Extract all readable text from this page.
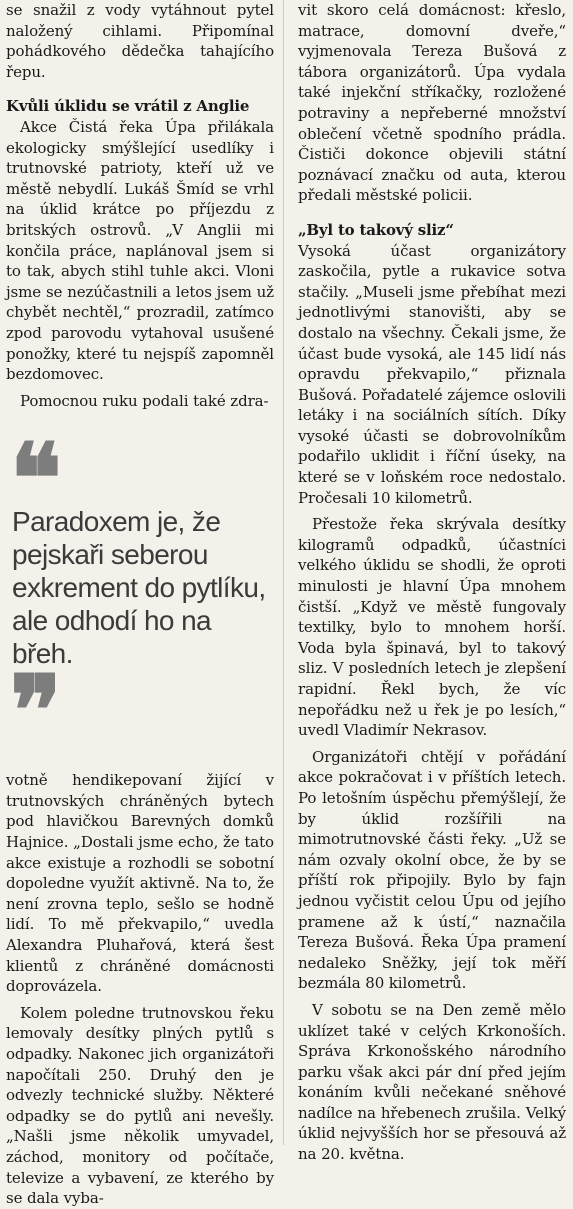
se snažil z vody vytáhnout pytel naložený cihlami. Připomínal pohádkového dědečka tahajícího řepu.

Kvůli úklidu se vrátil z Anglie

Akce Čistá řeka Úpa přilákala ekologicky smýšlející usedlíky i trutnovské patrioty, kteří už ve městě nebydlí. Lukáš Šmíd se vrhl na úklid krátce po příjezdu z britských ostrovů. „V Anglii mi končila práce, naplánoval jsem si to tak, abych stihl tuhle akci. Vloni jsme se nezúčastnili a letos jsem už chybět nechtěl,“ prozradil, zatímco zpod parovodu vytahoval usušené ponožky, které tu nejspíš zapomněl bezdomovec.

Pomocnou ruku podali také zdra-

❝
Paradoxem je, že pejskaři seberou exkrement do pytlíku, ale odhodí ho na břeh.
❞

votně hendikepovaní žijící v trutnovských chráněných bytech pod hlavičkou Barevných domků Hajnice. „Dostali jsme echo, že tato akce existuje a rozhodli se sobotní dopoledne využít aktivně. Na to, že není zrovna teplo, sešlo se hodně lidí. To mě překvapilo,“ uvedla Alexandra Pluhařová, která šest klientů z chráněné domácnosti doprovázela.

Kolem poledne trutnovskou řeku lemovaly desítky plných pytlů s odpadky. Nakonec jich organizátoři napočítali 250. Druhý den je odvezly technické služby. Některé odpadky se do pytlů ani nevešly. „Našli jsme několik umyvadel, záchod, monitory od počítače, televize a vybavení, ze kterého by se dala vyba-

vit skoro celá domácnost: křeslo, matrace, domovní dveře,“ vyjmenovala Tereza Bušová z tábora organizátorů. Úpa vydala také injekční stříkačky, rozložené potraviny a nepřeberné množství oblečení včetně spodního prádla. Čističi dokonce objevili státní poznávací značku od auta, kterou předali městské policii.

„Byl to takový sliz“

Vysoká účast organizátory zaskočila, pytle a rukavice sotva stačily. „Museli jsme přebíhat mezi jednotlivými stanovišti, aby se dostalo na všechny. Čekali jsme, že účast bude vysoká, ale 145 lidí nás opravdu překvapilo,“ přiznala Bušová. Pořadatelé zájemce oslovili letáky i na sociálních sítích. Díky vysoké účasti se dobrovolníkům podařilo uklidit i říční úseky, na které se v loňském roce nedostalo. Pročesali 10 kilometrů.

Přestože řeka skrývala desítky kilogramů odpadků, účastníci velkého úklidu se shodli, že oproti minulosti je hlavní Úpa mnohem čistší. „Když ve městě fungovaly textilky, bylo to mnohem horší. Voda byla špinavá, byl to takový sliz. V posledních letech je zlepšení rapidní. Řekl bych, že víc nepořádku než u řek je po lesích,“ uvedl Vladimír Nekrasov.

Organizátoři chtějí v pořádání akce pokračovat i v příštích letech. Po letošním úspěchu přemýšlejí, že by úklid rozšířili na mimotrutnovské části řeky. „Už se nám ozvaly okolní obce, že by se příští rok připojily. Bylo by fajn jednou vyčistit celou Úpu od jejího pramene až k ústí,“ naznačila Tereza Bušová. Řeka Úpa pramení nedaleko Sněžky, její tok měří bezmála 80 kilometrů.

V sobotu se na Den země mělo uklízet také v celých Krkonoších. Správa Krkonošského národního parku však akci pár dní před jejím konáním kvůli nečekané sněhové nadílce na hřebenech zrušila. Velký úklid nejvyšších hor se přesouvá až na 20. května.
